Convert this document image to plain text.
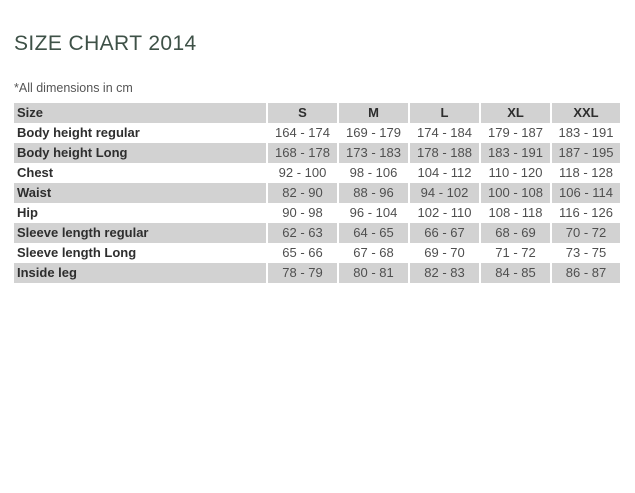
SIZE CHART 2014
*All dimensions in cm
Size	S	M	L	XL	XXL
Body height regular	164 - 174	169 - 179	174 - 184	179 - 187	183 - 191
Body height Long	168 - 178	173 - 183	178 - 188	183 - 191	187 - 195
Chest	92 - 100	98 - 106	104 - 112	110 - 120	118 - 128
Waist	82 - 90	88 - 96	94 - 102	100 - 108	106 - 114
Hip	90 - 98	96 - 104	102 - 110	108 - 118	116 - 126
Sleeve length regular	62 - 63	64 - 65	66 - 67	68 - 69	70 - 72
Sleeve length Long	65 - 66	67 - 68	69 - 70	71 - 72	73 - 75
Inside leg	78 - 79	80 - 81	82 - 83	84 - 85	86 - 87
